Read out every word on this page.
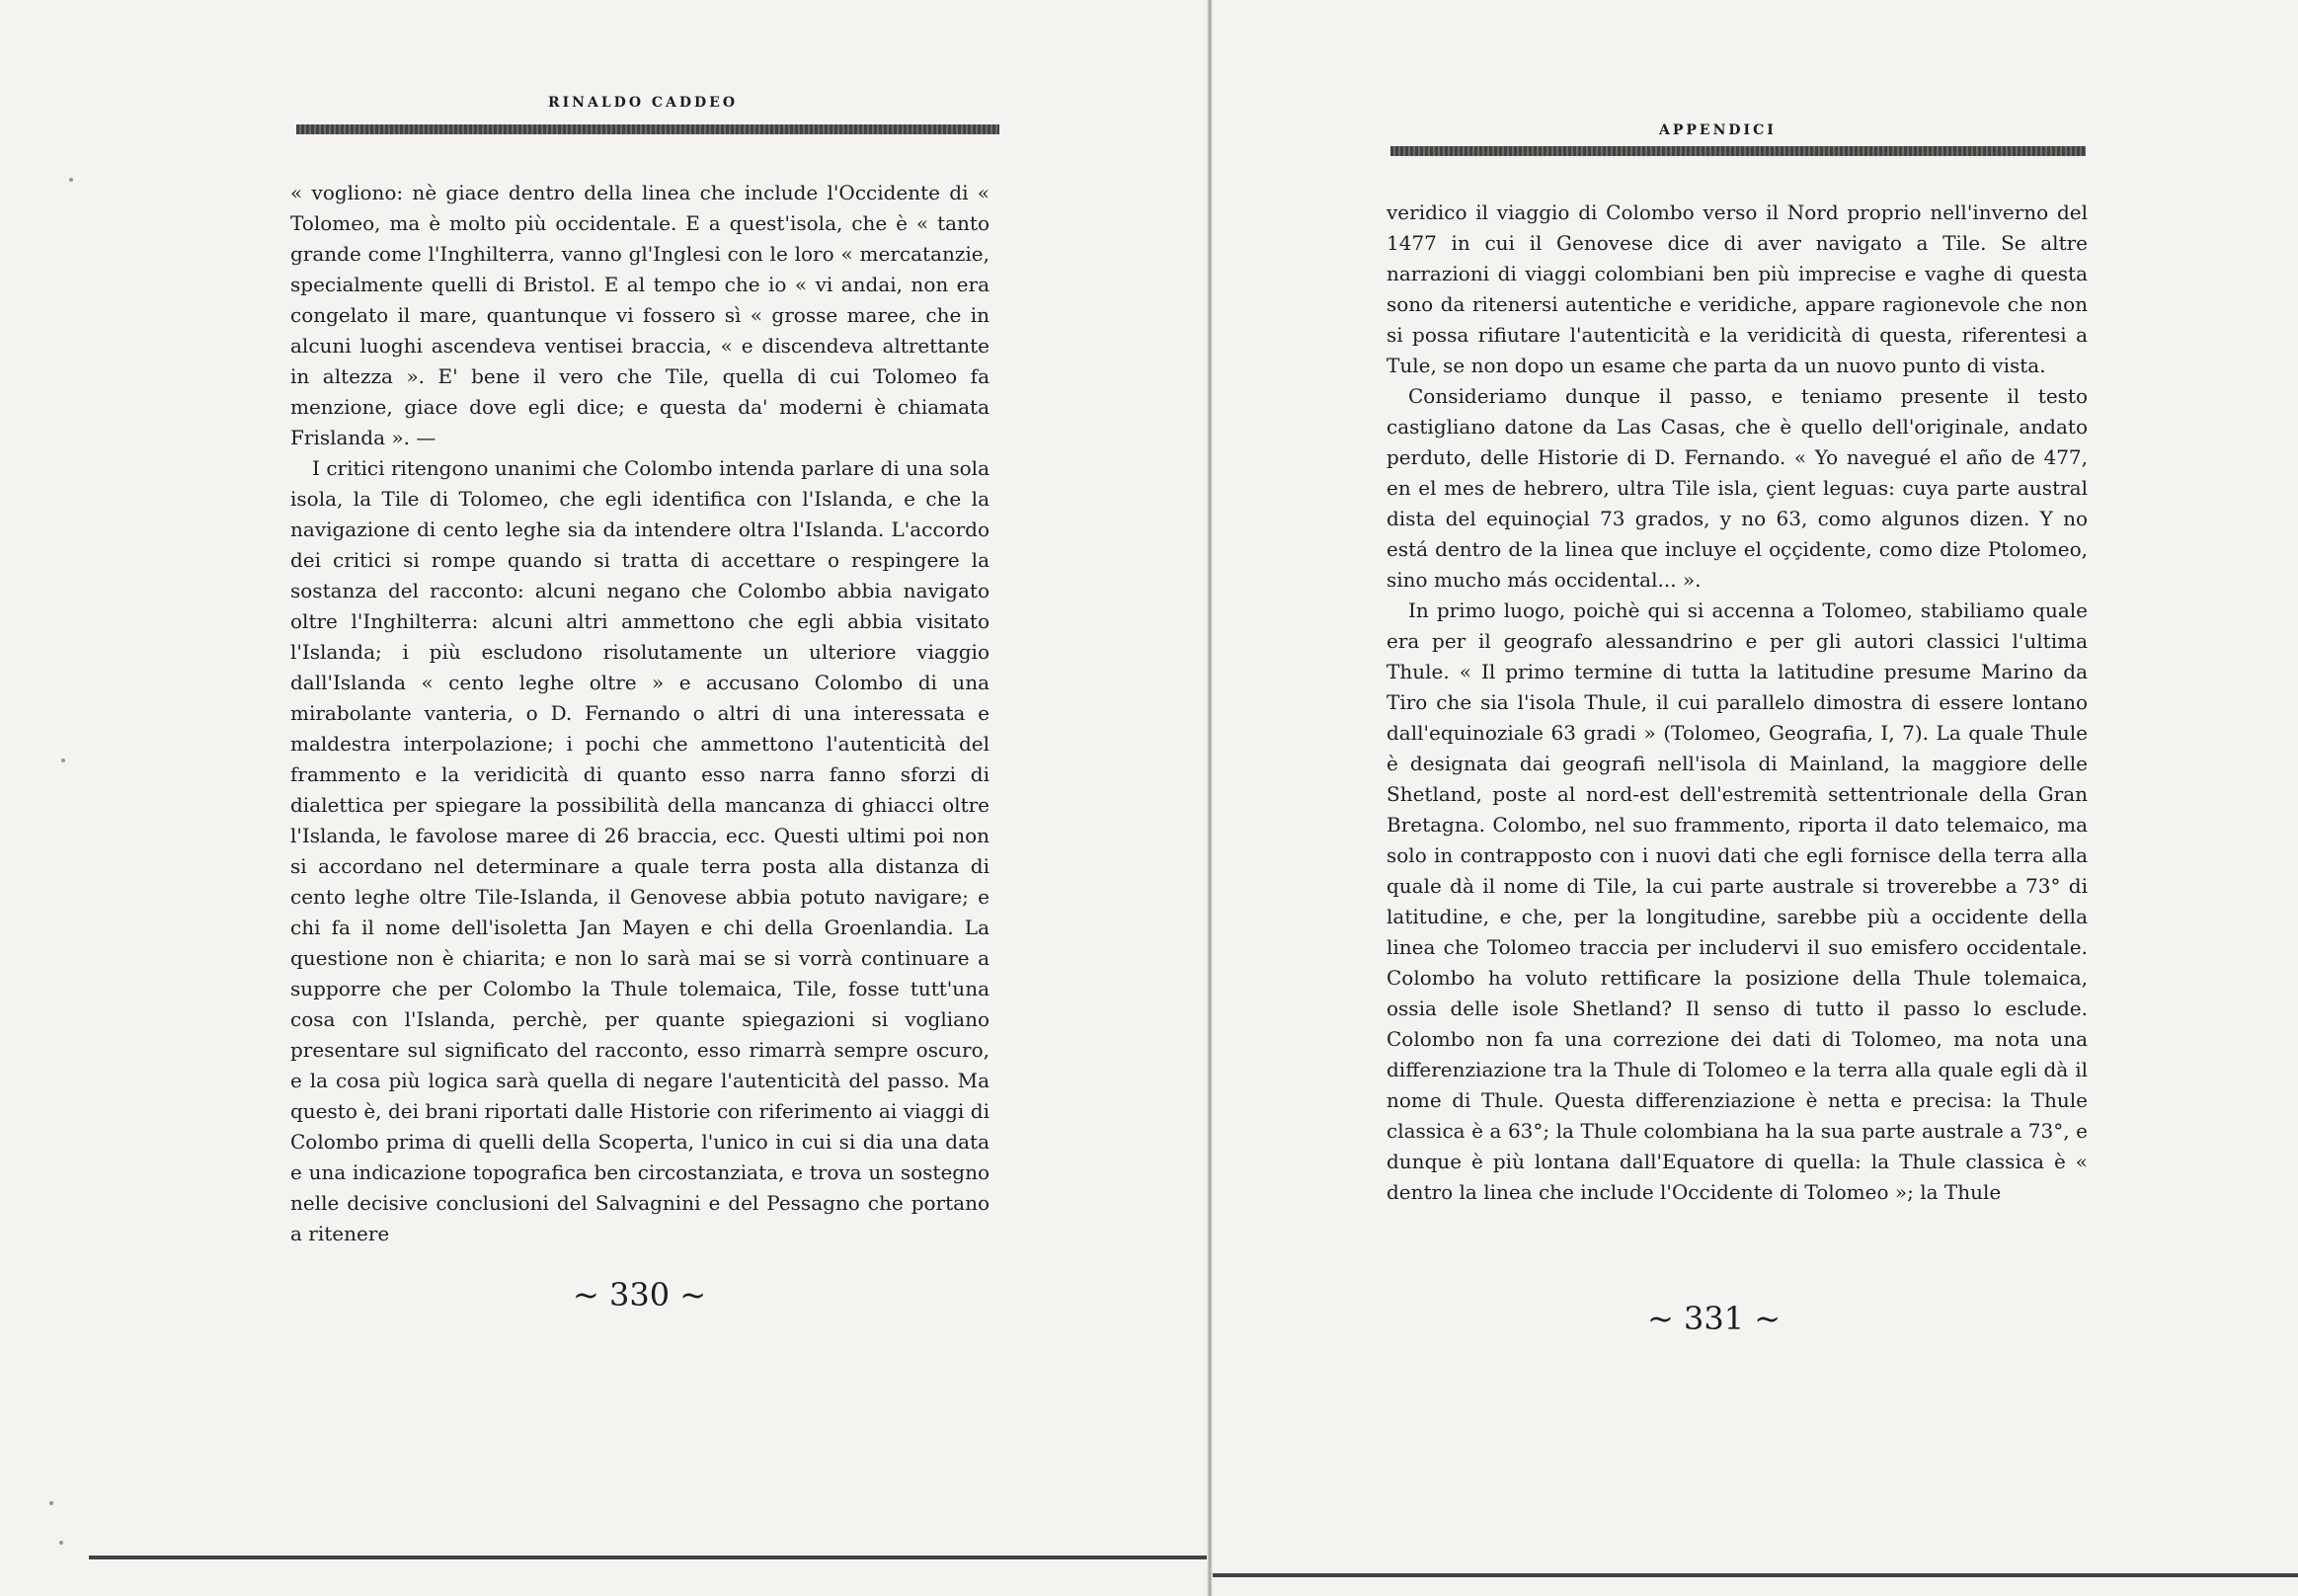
RINALDO CADDEO

« vogliono: nè giace dentro della linea che include l'Occidente di « Tolomeo, ma è molto più occidentale. E a quest'isola, che è « tanto grande come l'Inghilterra, vanno gl'Inglesi con le loro « mercatanzie, specialmente quelli di Bristol. E al tempo che io « vi andai, non era congelato il mare, quantunque vi fossero sì « grosse maree, che in alcuni luoghi ascendeva ventisei braccia, « e discendeva altrettante in altezza ». E' bene il vero che Tile, quella di cui Tolomeo fa menzione, giace dove egli dice; e questa da' moderni è chiamata Frislanda ». —

I critici ritengono unanimi che Colombo intenda parlare di una sola isola, la Tile di Tolomeo, che egli identifica con l'Islanda, e che la navigazione di cento leghe sia da intendere oltra l'Islanda. L'accordo dei critici si rompe quando si tratta di accettare o respingere la sostanza del racconto: alcuni negano che Colombo abbia navigato oltre l'Inghilterra: alcuni altri ammettono che egli abbia visitato l'Islanda; i più escludono risolutamente un ulteriore viaggio dall'Islanda « cento leghe oltre » e accusano Colombo di una mirabolante vanteria, o D. Fernando o altri di una interessata e maldestra interpolazione; i pochi che ammettono l'autenticità del frammento e la veridicità di quanto esso narra fanno sforzi di dialettica per spiegare la possibilità della mancanza di ghiacci oltre l'Islanda, le favolose maree di 26 braccia, ecc. Questi ultimi poi non si accordano nel determinare a quale terra posta alla distanza di cento leghe oltre Tile-Islanda, il Genovese abbia potuto navigare; e chi fa il nome dell'isoletta Jan Mayen e chi della Groenlandia. La questione non è chiarita; e non lo sarà mai se si vorrà continuare a supporre che per Colombo la Thule tolemaica, Tile, fosse tutt'una cosa con l'Islanda, perchè, per quante spiegazioni si vogliano presentare sul significato del racconto, esso rimarrà sempre oscuro, e la cosa più logica sarà quella di negare l'autenticità del passo. Ma questo è, dei brani riportati dalle Historie con riferimento ai viaggi di Colombo prima di quelli della Scoperta, l'unico in cui si dia una data e una indicazione topografica ben circostanziata, e trova un sostegno nelle decisive conclusioni del Salvagnini e del Pessagno che portano a ritenere

~ 330 ~
APPENDICI

veridico il viaggio di Colombo verso il Nord proprio nell'inverno del 1477 in cui il Genovese dice di aver navigato a Tile. Se altre narrazioni di viaggi colombiani ben più imprecise e vaghe di questa sono da ritenersi autentiche e veridiche, appare ragionevole che non si possa rifiutare l'autenticità e la veridicità di questa, riferentesi a Tule, se non dopo un esame che parta da un nuovo punto di vista.

Consideriamo dunque il passo, e teniamo presente il testo castigliano datone da Las Casas, che è quello dell'originale, andato perduto, delle Historie di D. Fernando. « Yo navegué el año de 477, en el mes de hebrero, ultra Tile isla, çient leguas: cuya parte austral dista del equinoçial 73 grados, y no 63, como algunos dizen. Y no está dentro de la linea que incluye el oççidente, como dize Ptolomeo, sino mucho más occidental... ».

In primo luogo, poichè qui si accenna a Tolomeo, stabiliamo quale era per il geografo alessandrino e per gli autori classici l'ultima Thule. « Il primo termine di tutta la latitudine presume Marino da Tiro che sia l'isola Thule, il cui parallelo dimostra di essere lontano dall'equinoziale 63 gradi » (Tolomeo, Geografia, I, 7). La quale Thule è designata dai geografi nell'isola di Mainland, la maggiore delle Shetland, poste al nord-est dell'estremità settentrionale della Gran Bretagna. Colombo, nel suo frammento, riporta il dato telemaico, ma solo in contrapposto con i nuovi dati che egli fornisce della terra alla quale dà il nome di Tile, la cui parte australe si troverebbe a 73° di latitudine, e che, per la longitudine, sarebbe più a occidente della linea che Tolomeo traccia per includervi il suo emisfero occidentale. Colombo ha voluto rettificare la posizione della Thule tolemaica, ossia delle isole Shetland? Il senso di tutto il passo lo esclude. Colombo non fa una correzione dei dati di Tolomeo, ma nota una differenziazione tra la Thule di Tolomeo e la terra alla quale egli dà il nome di Thule. Questa differenziazione è netta e precisa: la Thule classica è a 63°; la Thule colombiana ha la sua parte australe a 73°, e dunque è più lontana dall'Equatore di quella: la Thule classica è « dentro la linea che include l'Occidente di Tolomeo »; la Thule

~ 331 ~
